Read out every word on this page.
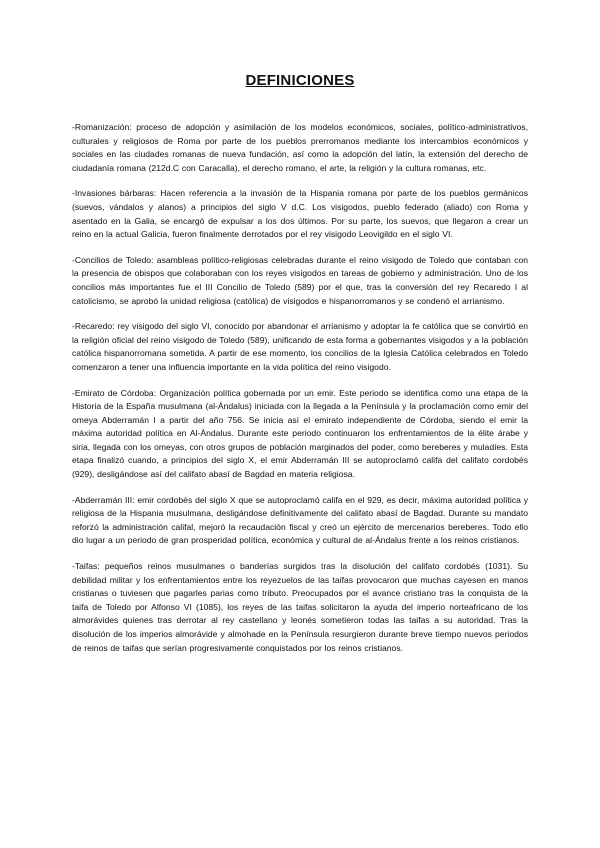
DEFINICIONES

-Romanización: proceso de adopción y asimilación de los modelos económicos, sociales, político-administrativos, culturales y religiosos de Roma por parte de los pueblos prerromanos mediante los intercambios económicos y sociales en las ciudades romanas de nueva fundación, así como la adopción del latín, la extensión del derecho de ciudadanía romana (212d.C con Caracalla), el derecho romano, el arte, la religión y la cultura romanas, etc.

-Invasiones bárbaras: Hacen referencia a la invasión de la Hispania romana por parte de los pueblos germánicos (suevos, vándalos y alanos) a principios del siglo V d.C. Los visigodos, pueblo federado (aliado) con Roma y asentado en la Galia, se encargó de expulsar a los dos últimos. Por su parte, los suevos, que llegaron a crear un reino en la actual Galicia, fueron finalmente derrotados por el rey visigodo Leovigildo en el siglo VI.

-Concilios de Toledo: asambleas político-religiosas celebradas durante el reino visigodo de Toledo que contaban con la presencia de obispos que colaboraban con los reyes visigodos en tareas de gobierno y administración. Uno de los concilios más importantes fue el III Concilio de Toledo (589) por el que, tras la conversión del rey Recaredo I al catolicismo, se aprobó la unidad religiosa (católica) de visigodos e hispanorromanos y se condenó el arrianismo.

-Recaredo: rey visigodo del siglo VI, conocido por abandonar el arrianismo y adoptar la fe católica que se convirtió en la religión oficial del reino visigodo de Toledo (589), unificando de esta forma a gobernantes visigodos y a la población católica hispanorromana sometida. A partir de ese momento, los concilios de la Iglesia Católica celebrados en Toledo comenzaron a tener una influencia importante en la vida política del reino visigodo.

-Emirato de Córdoba: Organización política gobernada por un emir. Este periodo se identifica como una etapa de la Historia de la España musulmana (al-Ándalus) iniciada con la llegada a la Península y la proclamación como emir del omeya Abderramán I a partir del año 756. Se inicia así el emirato independiente de Córdoba, siendo el emir la máxima autoridad política en Al-Ándalus. Durante este periodo continuaron los enfrentamientos de la élite árabe y siria, llegada con los omeyas, con otros grupos de población marginados del poder, como bereberes y muladíes. Esta etapa finalizó cuando, a principios del siglo X, el emir Abderramán III se autoproclamó califa del califato cordobés (929), desligándose así del califato abasí de Bagdad en materia religiosa.

-Abderramán III: emir cordobés del siglo X que se autoproclamó califa en el 929, es decir, máxima autoridad política y religiosa de la Hispania musulmana, desligándose definitivamente del califato abasí de Bagdad. Durante su mandato reforzó la administración califal, mejoró la recaudación fiscal y creó un ejército de mercenarios bereberes. Todo ello dio lugar a un periodo de gran prosperidad política, económica y cultural de al-Ándalus frente a los reinos cristianos.

-Taifas: pequeños reinos musulmanes o banderías surgidos tras la disolución del califato cordobés (1031). Su debilidad militar y los enfrentamientos entre los reyezuelos de las taifas provocaron que muchas cayesen en manos cristianas o tuviesen que pagarles parias como tributo. Preocupados por el avance cristiano tras la conquista de la taifa de Toledo por Alfonso VI (1085), los reyes de las taifas solicitaron la ayuda del imperio norteafricano de los almorávides quienes tras derrotar al rey castellano y leonés sometieron todas las taifas a su autoridad. Tras la disolución de los imperios almorávide y almohade en la Península resurgieron durante breve tiempo nuevos periodos de reinos de taifas que serían progresivamente conquistados por los reinos cristianos.
